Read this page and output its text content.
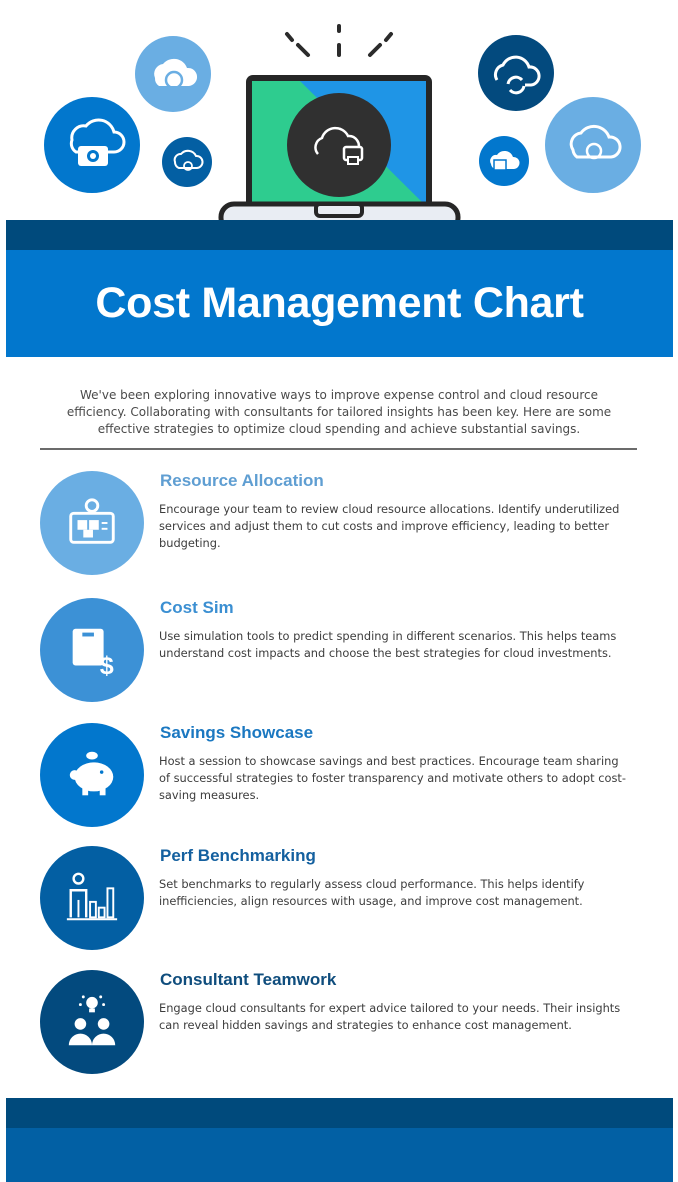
Cost Management Chart

We've been exploring innovative ways to improve expense control and cloud resource efficiency. Collaborating with consultants for tailored insights has been key. Here are some effective strategies to optimize cloud spending and achieve substantial savings.

Resource Allocation

Encourage your team to review cloud resource allocations. Identify underutilized services and adjust them to cut costs and improve efficiency, leading to better budgeting.

$
Cost Sim

Use simulation tools to predict spending in different scenarios. This helps teams understand cost impacts and choose the best strategies for cloud investments.

Savings Showcase

Host a session to showcase savings and best practices. Encourage team sharing of successful strategies to foster transparency and motivate others to adopt cost-saving measures.

Perf Benchmarking

Set benchmarks to regularly assess cloud performance. This helps identify inefficiencies, align resources with usage, and improve cost management.

Consultant Teamwork

Engage cloud consultants for expert advice tailored to your needs. Their insights can reveal hidden savings and strategies to enhance cost management.
